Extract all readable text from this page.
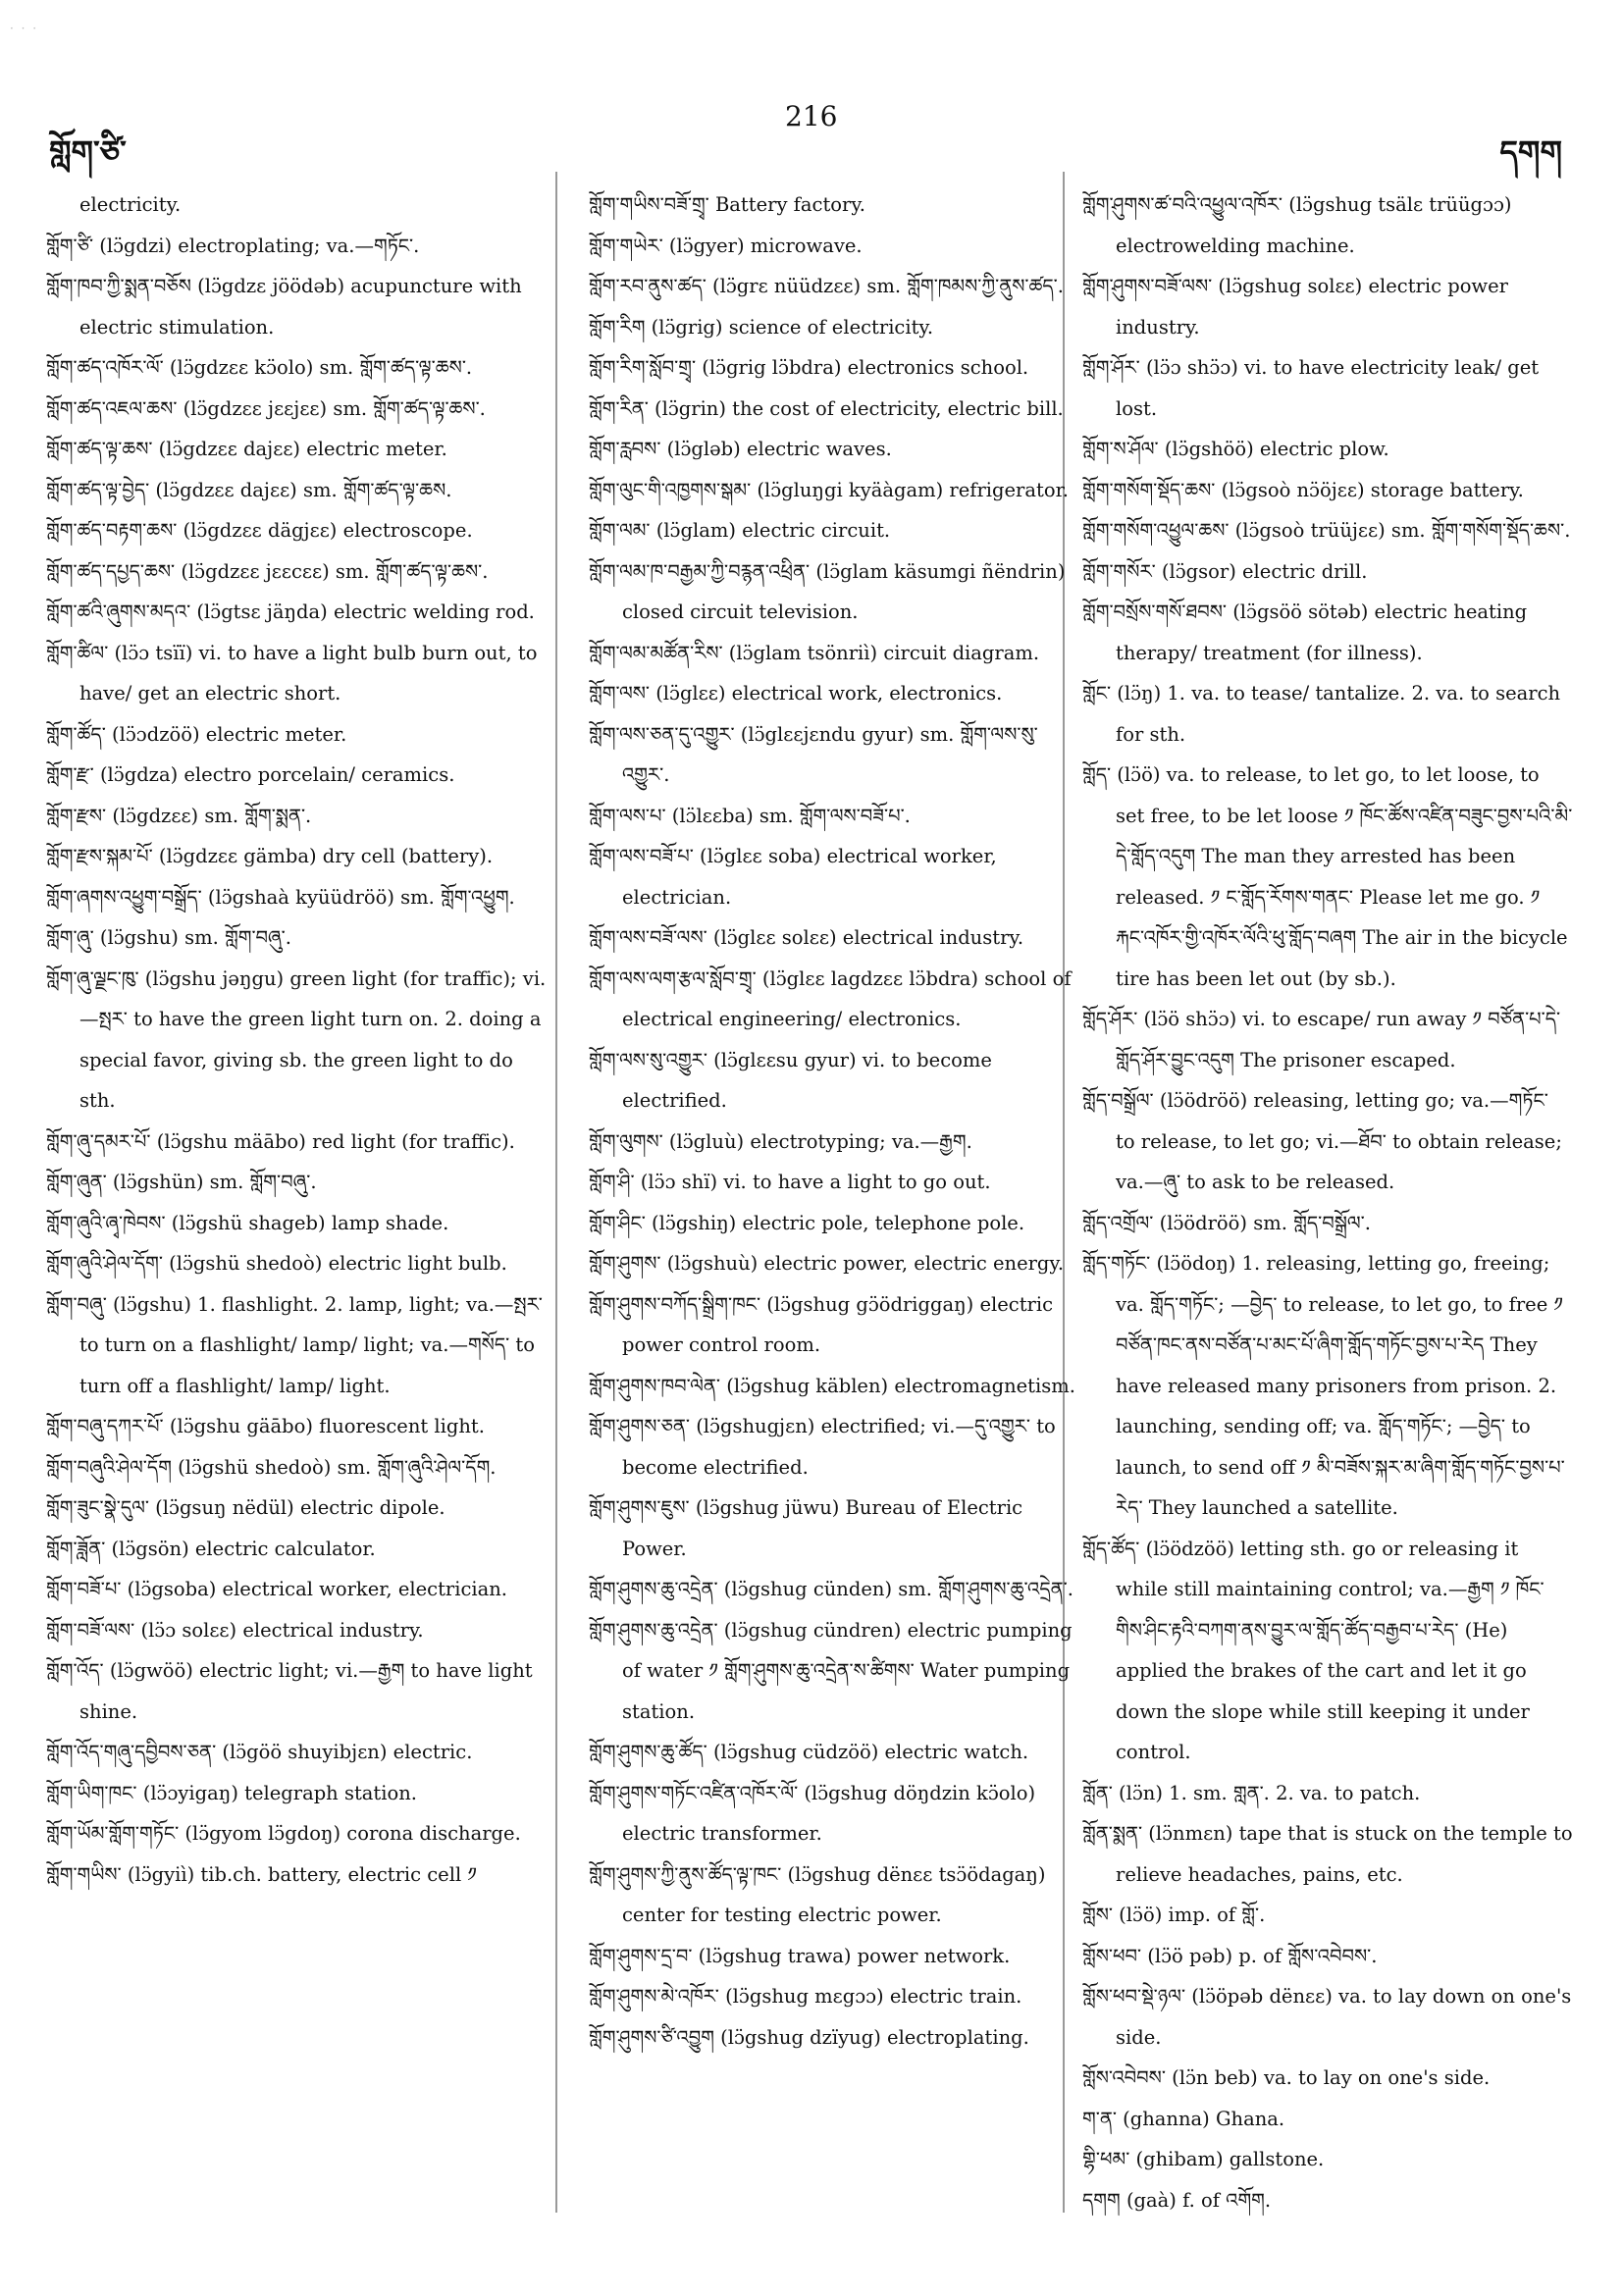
· · ·
གློག་ཙི་
216
དགག

electricity.

གློག་ཙི་ (lɔ̈gdzi) electroplating; va.—གཏོང་.

གློག་ཁབ་ཀྱི་སྨན་བཅོས (lɔ̈gdzɛ jöödəb) acupuncture with electric stimulation.

གློག་ཚད་འཁོར་ལོ་ (lɔ̈gdzɛɛ kɔ̈olo) sm. གློག་ཚད་ལྟ་ཆས་.

གློག་ཚད་འཇལ་ཆས་ (lɔ̈gdzɛɛ jɛɛjɛɛ) sm. གློག་ཚད་ལྟ་ཆས་.

གློག་ཚད་ལྟ་ཆས་ (lɔ̈gdzɛɛ dajɛɛ) electric meter.

གློག་ཚད་ལྟ་བྱེད་ (lɔ̈gdzɛɛ dajɛɛ) sm. གློག་ཚད་ལྟ་ཆས.

གློག་ཚད་བརྟག་ཆས་ (lɔ̈gdzɛɛ dägjɛɛ) electroscope.

གློག་ཚད་དཔྱད་ཆས་ (lɔ̈gdzɛɛ jɛɛcɛɛ) sm. གློག་ཚད་ལྟ་ཆས་.

གློག་ཚའི་ཞུགས་མདའ་ (lɔ̈gtsɛ jäŋda) electric welding rod.

གློག་ཚིལ་ (lɔ̈ɔ tsïï) vi. to have a light bulb burn out, to have/ get an electric short.

གློག་ཚོད་ (lɔ̈ɔdzöö) electric meter.

གློག་རྫ་ (lɔ̈gdza) electro porcelain/ ceramics.

གློག་རྫས་ (lɔ̈gdzɛɛ) sm. གློག་སྨན་.

གློག་རྫས་སྐམ་པོ་ (lɔ̈gdzɛɛ gämba) dry cell (battery).

གློག་ཞགས་འཕྱུག་བསྒྲོད་ (lɔ̈gshaà kyüüdröö) sm. གློག་འཕྱུག.

གློག་ཞུ་ (lɔ̈gshu) sm. གློག་བཞུ་.

གློག་ཞུ་ལྗང་ཁུ་ (lɔ̈gshu jəŋgu) green light (for traffic); vi.—སྤར་ to have the green light turn on. 2. doing a special favor, giving sb. the green light to do sth.

གློག་ཞུ་དམར་པོ་ (lɔ̈gshu mäābo) red light (for traffic).

གློག་ཞུན་ (lɔ̈gshün) sm. གློག་བཞུ་.

གློག་ཞུའི་ཞྭ་ཁེབས་ (lɔ̈gshü shageb) lamp shade.

གློག་ཞུའི་ཤེལ་དོག་ (lɔ̈gshü shedoò) electric light bulb.

གློག་བཞུ་ (lɔ̈gshu) 1. flashlight. 2. lamp, light; va.—སྤར་ to turn on a flashlight/ lamp/ light; va.—གསོད་ to turn off a flashlight/ lamp/ light.

གློག་བཞུ་དཀར་པོ་ (lɔ̈gshu gäābo) fluorescent light.

གློག་བཞུའི་ཤེལ་དོག (lɔ̈gshü shedoò) sm. གློག་ཞུའི་ཤེལ་དོག.

གློག་ཟུང་སྣེ་དུལ་ (lɔ̈gsuŋ nëdül) electric dipole.

གློག་ཟློན་ (lɔ̈gsön) electric calculator.

གློག་བཟོ་པ་ (lɔ̈gsoba) electrical worker, electrician.

གློག་བཟོ་ལས་ (lɔ̈ɔ solɛɛ) electrical industry.

གློག་འོད་ (lɔ̈gwöö) electric light; vi.—རྒྱག to have light shine.

གློག་འོད་གཞུ་དབྱིབས་ཅན་ (lɔ̈göö shuyibjɛn) electric.

གློག་ཡིག་ཁང་ (lɔ̈ɔyigaŋ) telegraph station.

གློག་ཡོམ་གློག་གཏོང་ (lɔ̈gyom lɔ̈gdoŋ) corona discharge.

གློག་གཡིས་ (lɔ̈gyiì) tib.ch. battery, electric cell ༡

གློག་གཡིས་བཟོ་གྲྭ་ Battery factory.

གློག་གཡེར་ (lɔ̈gyer) microwave.

གློག་རབ་ནུས་ཚད་ (lɔ̈grɛ nüüdzɛɛ) sm. གློག་ཁམས་ཀྱི་ནུས་ཚད་.

གློག་རིག (lɔ̈grig) science of electricity.

གློག་རིག་སློབ་གྲྭ་ (lɔ̈grig lɔ̈bdra) electronics school.

གློག་རིན་ (lɔ̈grin) the cost of electricity, electric bill.

གློག་རླབས་ (lɔ̈gləb) electric waves.

གློག་ལུང་གི་འཁྱགས་སྒམ་ (lɔ̈gluŋgi kyäàgam) refrigerator.

གློག་ལམ་ (lɔ̈glam) electric circuit.

གློག་ལམ་ཁ་བརྒྱམ་ཀྱི་བརྙན་འཕྲིན་ (lɔ̈glam käsumgi ñëndrin) closed circuit television.

གློག་ལམ་མཚོན་རིས་ (lɔ̈glam tsönriì) circuit diagram.

གློག་ལས་ (lɔ̈glɛɛ) electrical work, electronics.

གློག་ལས་ཅན་དུ་འགྱུར་ (lɔ̈glɛɛjɛndu gyur) sm. གློག་ལས་སུ་འགྱུར་.

གློག་ལས་པ་ (lɔ̈lɛɛba) sm. གློག་ལས་བཟོ་པ་.

གློག་ལས་བཟོ་པ་ (lɔ̈glɛɛ soba) electrical worker, electrician.

གློག་ལས་བཟོ་ལས་ (lɔ̈glɛɛ solɛɛ) electrical industry.

གློག་ལས་ལག་རྩལ་སློབ་གྲྭ་ (lɔ̈glɛɛ lagdzɛɛ lɔ̈bdra) school of electrical engineering/ electronics.

གློག་ལས་སུ་འགྱུར་ (lɔ̈glɛɛsu gyur) vi. to become electrified.

གློག་ལུགས་ (lɔ̈gluù) electrotyping; va.—རྒྱག.

གློག་ཤི་ (lɔ̈ɔ shï) vi. to have a light to go out.

གློག་ཤིང་ (lɔ̈gshiŋ) electric pole, telephone pole.

གློག་ཤུགས་ (lɔ̈gshuù) electric power, electric energy.

གློག་ཤུགས་བཀོད་སྒྲིག་ཁང་ (lɔ̈gshug gɔ̈ödriggaŋ) electric power control room.

གློག་ཤུགས་ཁབ་ལེན་ (lɔ̈gshug käblen) electromagnetism.

གློག་ཤུགས་ཅན་ (lɔ̈gshugjɛn) electrified; vi.—དུ་འགྱུར་ to become electrified.

གློག་ཤུགས་ཇུས་ (lɔ̈gshug jüwu) Bureau of Electric Power.

གློག་ཤུགས་ཆུ་འདྲེན་ (lɔ̈gshug cünden) sm. གློག་ཤུགས་ཆུ་འདྲེན་.

གློག་ཤུགས་ཆུ་འདྲེན་ (lɔ̈gshug cündren) electric pumping of water ༡ གློག་ཤུགས་ཆུ་འདྲེན་ས་ཚིགས་ Water pumping station.

གློག་ཤུགས་ཆུ་ཚོད་ (lɔ̈gshug cüdzöö) electric watch.

གློག་ཤུགས་གཏོང་འཛིན་འཁོར་ལོ་ (lɔ̈gshug döŋdzin kɔ̈olo) electric transformer.

གློག་ཤུགས་ཀྱི་ནུས་ཚོད་ལྟ་ཁང་ (lɔ̈gshug dënɛɛ tsɔ̈ödagaŋ) center for testing electric power.

གློག་ཤུགས་དྲ་བ་ (lɔ̈gshug trawa) power network.

གློག་ཤུགས་མེ་འཁོར་ (lɔ̈gshug mɛgɔɔ) electric train.

གློག་ཤུགས་ཙི་འབྱུག (lɔ̈gshug dzïyug) electroplating.

གློག་ཤུགས་ཚ་བའི་འཕྱུལ་འཁོར་ (lɔ̈gshug tsälɛ trüügɔɔ) electrowelding machine.

གློག་ཤུགས་བཟོ་ལས་ (lɔ̈gshug solɛɛ) electric power industry.

གློག་ཤོར་ (lɔ̈ɔ shɔ̈ɔ) vi. to have electricity leak/ get lost.

གློག་ས་ཤོལ་ (lɔ̈gshöö) electric plow.

གློག་གསོག་སྡོད་ཆས་ (lɔ̈gsoò nɔ̈öjɛɛ) storage battery.

གློག་གསོག་འཕྱུལ་ཆས་ (lɔ̈gsoò trüüjɛɛ) sm. གློག་གསོག་སྡོད་ཆས་.

གློག་གསོར་ (lɔ̈gsor) electric drill.

གློག་བསྲོས་གསོ་ཐབས་ (lɔ̈gsöö sötəb) electric heating therapy/ treatment (for illness).

གློང་ (lɔ̈ŋ) 1. va. to tease/ tantalize. 2. va. to search for sth.

གློད་ (lɔ̈ö) va. to release, to let go, to let loose, to set free, to be let loose ༡ ཁོང་ཚོས་འཛིན་བཟུང་བྱས་པའི་མི་དེ་གློད་འདུག The man they arrested has been released. ༡ ང་གློད་རོགས་གནང་ Please let me go. ༡ རྐང་འཁོར་གྱི་འཁོར་ལོའི་ཕུ་གློད་བཞག The air in the bicycle tire has been let out (by sb.).

གློད་ཤོར་ (lɔ̈ö shɔ̈ɔ) vi. to escape/ run away ༡ བཙོན་པ་དེ་གློད་ཤོར་བྱུང་འདུག The prisoner escaped.

གློད་བསྒྲོལ་ (lɔ̈ödröö) releasing, letting go; va.—གཏོང་ to release, to let go; vi.—ཐོབ་ to obtain release; va.—ཞུ་ to ask to be released.

གློད་འགྲོལ་ (lɔ̈ödröö) sm. གློད་བསྒྲོལ་.

གློད་གཏོང་ (lɔ̈ödoŋ) 1. releasing, letting go, freeing; va. གློད་གཏོང་; —བྱེད་ to release, to let go, to free ༡ བཙོན་ཁང་ནས་བཙོན་པ་མང་པོ་ཞིག་གློད་གཏོང་བྱས་པ་རེད They have released many prisoners from prison. 2. launching, sending off; va. གློད་གཏོང་; —བྱེད་ to launch, to send off ༡ མི་བཟོས་སྐར་མ་ཞིག་གློད་གཏོང་བྱས་པ་རེད་ They launched a satellite.

གློད་ཚོད་ (lɔ̈ödzöö) letting sth. go or releasing it while still maintaining control; va.—རྒྱག ༡ ཁོང་གིས་ཤིང་རྟའི་བཀག་ནས་བྱུར་ལ་གློད་ཚོད་བརྒྱབ་པ་རེད་ (He) applied the brakes of the cart and let it go down the slope while still keeping it under control.

གློན་ (lɔ̈n) 1. sm. གླན་. 2. va. to patch.

གློན་སྨན་ (lɔ̈nmɛn) tape that is stuck on the temple to relieve headaches, pains, etc.

གློས་ (lɔ̈ö) imp. of གློ་.

གློས་ཕབ་ (lɔ̈ö pəb) p. of གློས་འབེབས་.

གློས་ཕབ་སྡེ་ཉལ་ (lɔ̈öpəb dënɛɛ) va. to lay down on one's side.

གློས་འབེབས་ (lɔ̈n beb) va. to lay on one's side.

ག་ན་ (ghanna) Ghana.

གྷི་ཕམ་ (ghibam) gallstone.

དགག (gaà) f. of འགོག.
